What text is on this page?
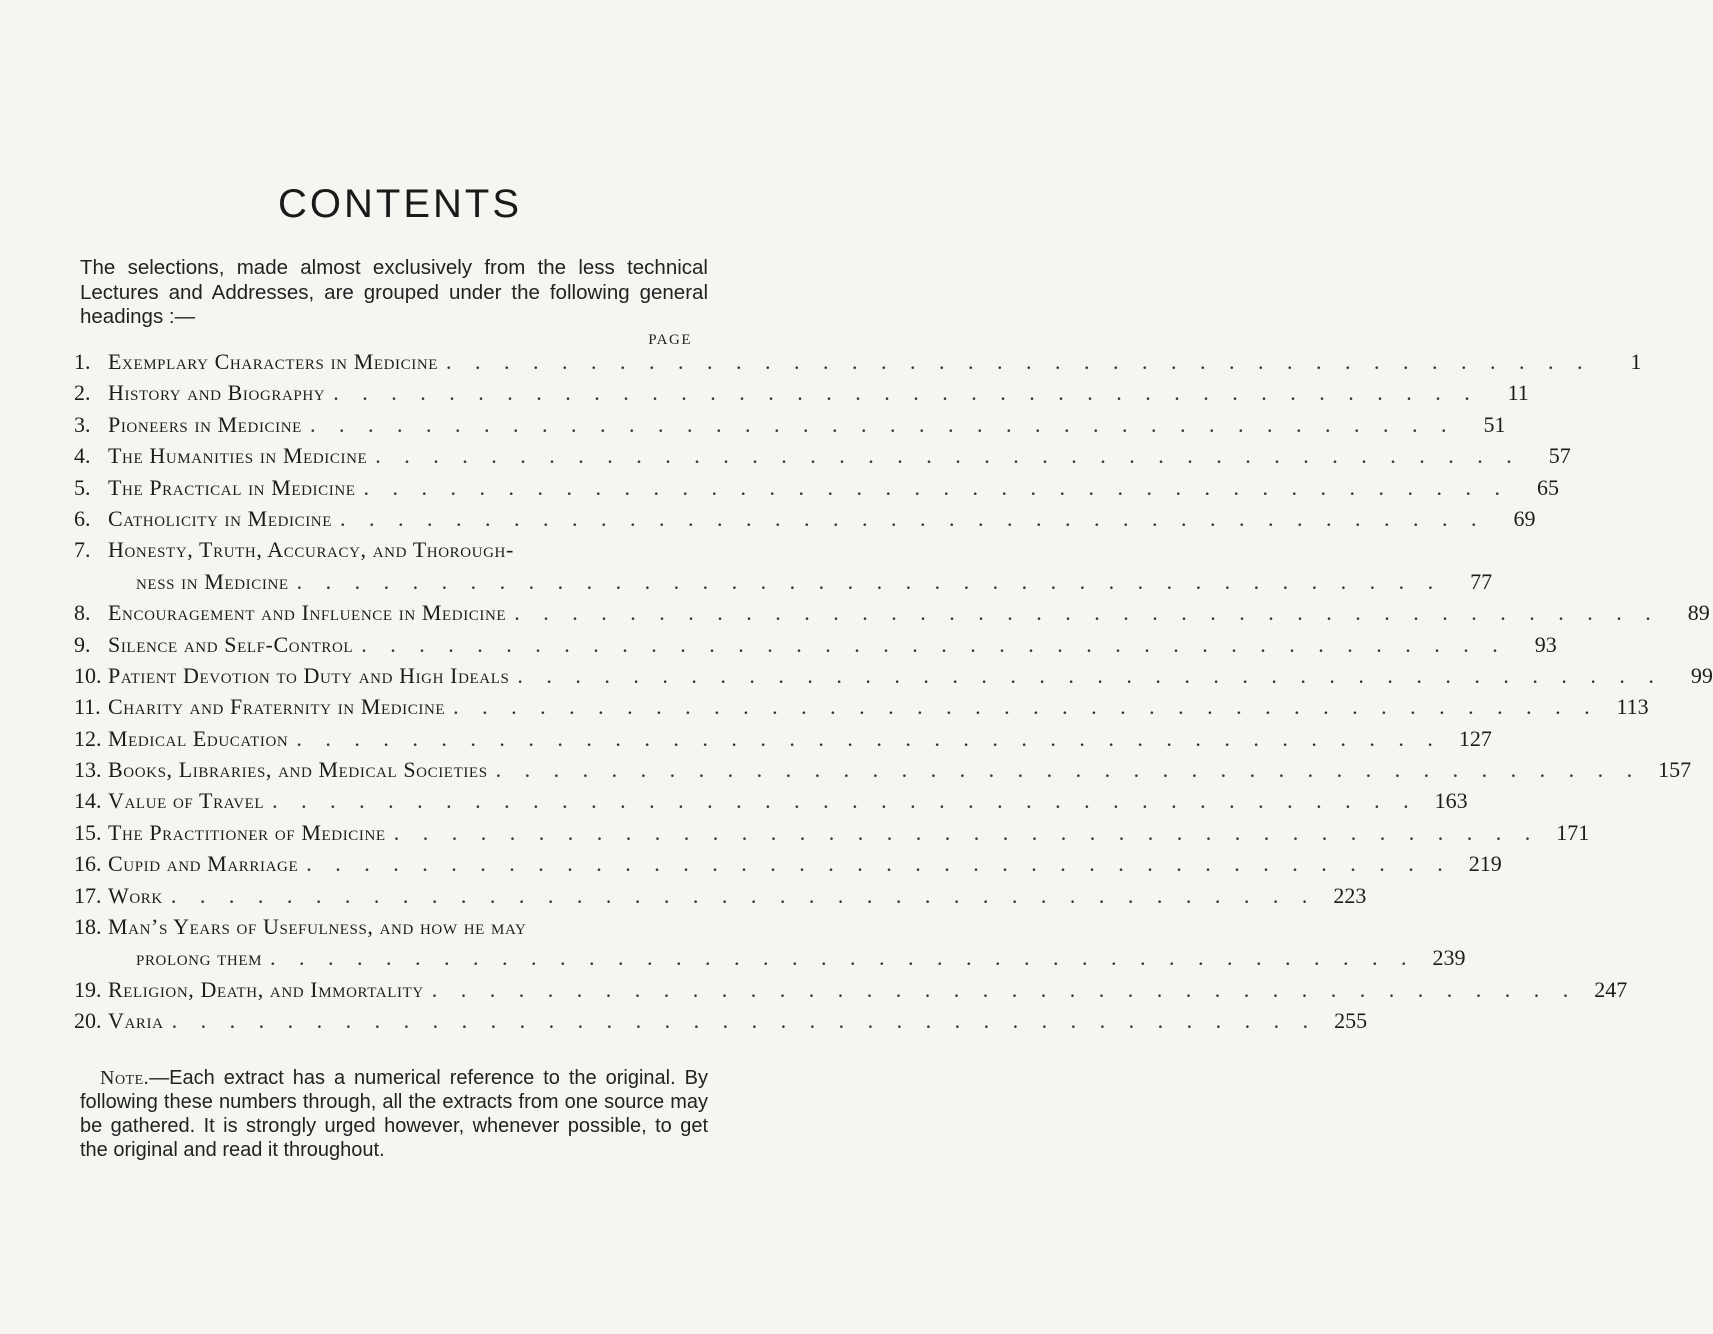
CONTENTS
The selections, made almost exclusively from the less technical Lectures and Addresses, are grouped under the following general headings :—
PAGE
1. Exemplary Characters in Medicine . . . . . . . . . . . . . . . . . . . . . . . . . . . . . . . . . . . . . . . .	1
2. History and Biography . . . . . . . . . . . . . . . . . . . . . . . . . . . . . . . . . . . . . . . .	11
3. Pioneers in Medicine . . . . . . . . . . . . . . . . . . . . . . . . . . . . . . . . . . . . . . . .	51
4. The Humanities in Medicine . . . . . . . . . . . . . . . . . . . . . . . . . . . . . . . . . . . . . . . .	57
5. The Practical in Medicine . . . . . . . . . . . . . . . . . . . . . . . . . . . . . . . . . . . . . . . .	65
6. Catholicity in Medicine . . . . . . . . . . . . . . . . . . . . . . . . . . . . . . . . . . . . . . . .	69
7. Honesty, Truth, Accuracy, and Thorough-
ness in Medicine . . . . . . . . . . . . . . . . . . . . . . . . . . . . . . . . . . . . . . . .	77
8. Encouragement and Influence in Medicine . . . . . . . . . . . . . . . . . . . . . . . . . . . . . . . . . . . . . . . .	89
9. Silence and Self-Control . . . . . . . . . . . . . . . . . . . . . . . . . . . . . . . . . . . . . . . .	93
10. Patient Devotion to Duty and High Ideals . . . . . . . . . . . . . . . . . . . . . . . . . . . . . . . . . . . . . . . .	99
11. Charity and Fraternity in Medicine . . . . . . . . . . . . . . . . . . . . . . . . . . . . . . . . . . . . . . . . 113
12. Medical Education . . . . . . . . . . . . . . . . . . . . . . . . . . . . . . . . . . . . . . . . 127
13. Books, Libraries, and Medical Societies . . . . . . . . . . . . . . . . . . . . . . . . . . . . . . . . . . . . . . . . 157
14. Value of Travel . . . . . . . . . . . . . . . . . . . . . . . . . . . . . . . . . . . . . . . . 163
15. The Practitioner of Medicine . . . . . . . . . . . . . . . . . . . . . . . . . . . . . . . . . . . . . . . . 171
16. Cupid and Marriage . . . . . . . . . . . . . . . . . . . . . . . . . . . . . . . . . . . . . . . . 219
17. Work . . . . . . . . . . . . . . . . . . . . . . . . . . . . . . . . . . . . . . . . 223
18. Man’s Years of Usefulness, and how he may
prolong them . . . . . . . . . . . . . . . . . . . . . . . . . . . . . . . . . . . . . . . . 239
19. Religion, Death, and Immortality . . . . . . . . . . . . . . . . . . . . . . . . . . . . . . . . . . . . . . . . 247
20. Varia . . . . . . . . . . . . . . . . . . . . . . . . . . . . . . . . . . . . . . . . 255
Note.—Each extract has a numerical reference to the original. By following these numbers through, all the extracts from one source may be gathered. It is strongly urged however, whenever possible, to get the original and read it throughout.
